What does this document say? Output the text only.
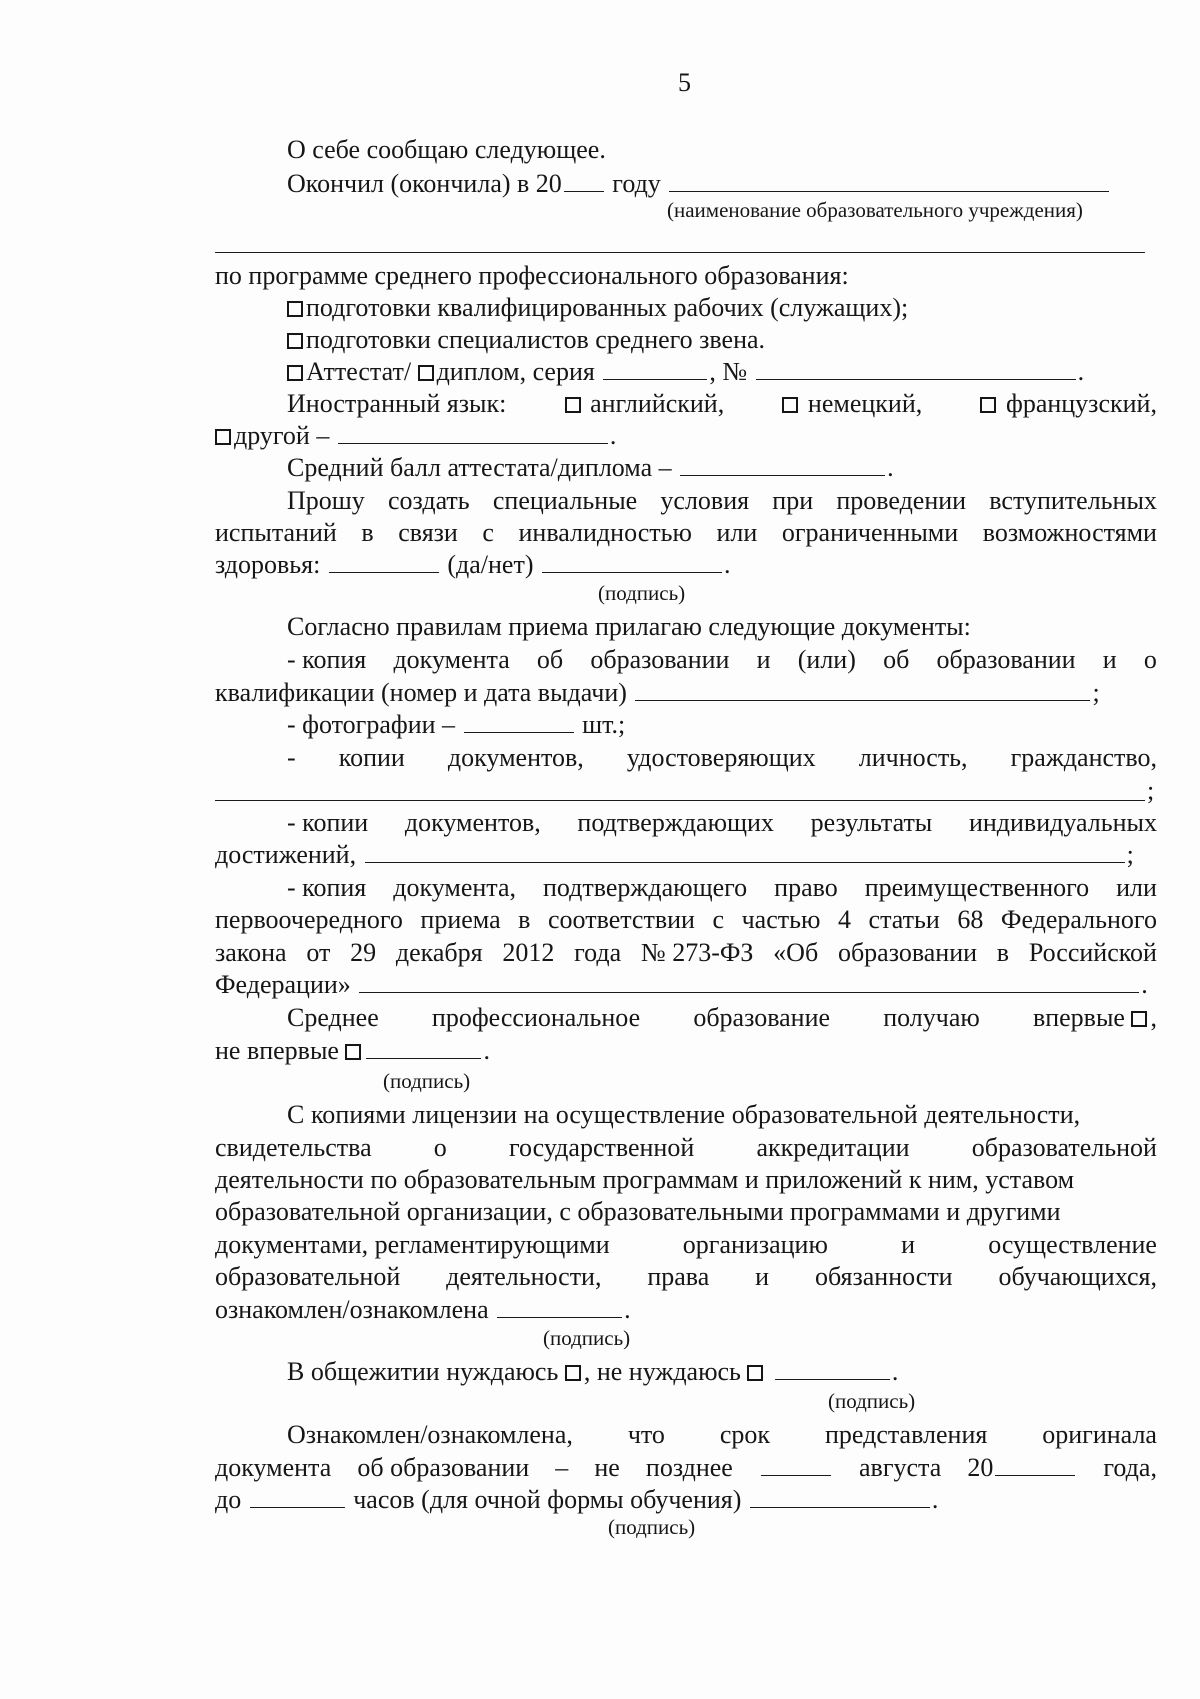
5
О себе сообщаю следующее.
Окончил (окончила) в 20 году
(наименование образовательного учреждения)
по программе среднего профессионального образования:
подготовки квалифицированных рабочих (служащих);
подготовки специалистов среднего звена.
Аттестат/ диплом, серия	, №	.
Иностранный язык:	английский,	немецкий,	французский,
другой –	.
Средний балл аттестата/диплома –	.
Прошу создать специальные условия при проведении вступительных
испытаний в связи с инвалидностью или ограниченными возможностями
здоровья:	(да/нет)	.
(подпись)
Согласно правилам приема прилагаю следующие документы:
- копия документа об образовании и (или) об образовании и о
квалификации (номер и дата выдачи)	;
- фотографии –	шт.;
- копии документов, удостоверяющих личность, гражданство,
;
- копии документов, подтверждающих результаты индивидуальных
достижений,	;
- копия документа, подтверждающего право преимущественного или
первоочередного приема в соответствии с частью 4 статьи 68 Федерального
закона от 29 декабря 2012 года № 273-ФЗ «Об образовании в Российской
Федерации»	.
Среднее профессиональное образование получаю впервые ,
не впервые	.
(подпись)
С копиями лицензии на осуществление образовательной деятельности,
свидетельства о государственной аккредитации образовательной
деятельности по образовательным программам и приложений к ним, уставом
образовательной организации, с образовательными программами и другими
документами, регламентирующими	организацию	и	осуществление
образовательной деятельности, права и обязанности обучающихся,
ознакомлен/ознакомлена	.
(подпись)
В общежитии нуждаюсь , не нуждаюсь	.
(подпись)
Ознакомлен/ознакомлена, что срок представления оригинала
документа об образовании – не позднее	августа 20	года,
до	часов (для очной формы обучения)	.
(подпись)
